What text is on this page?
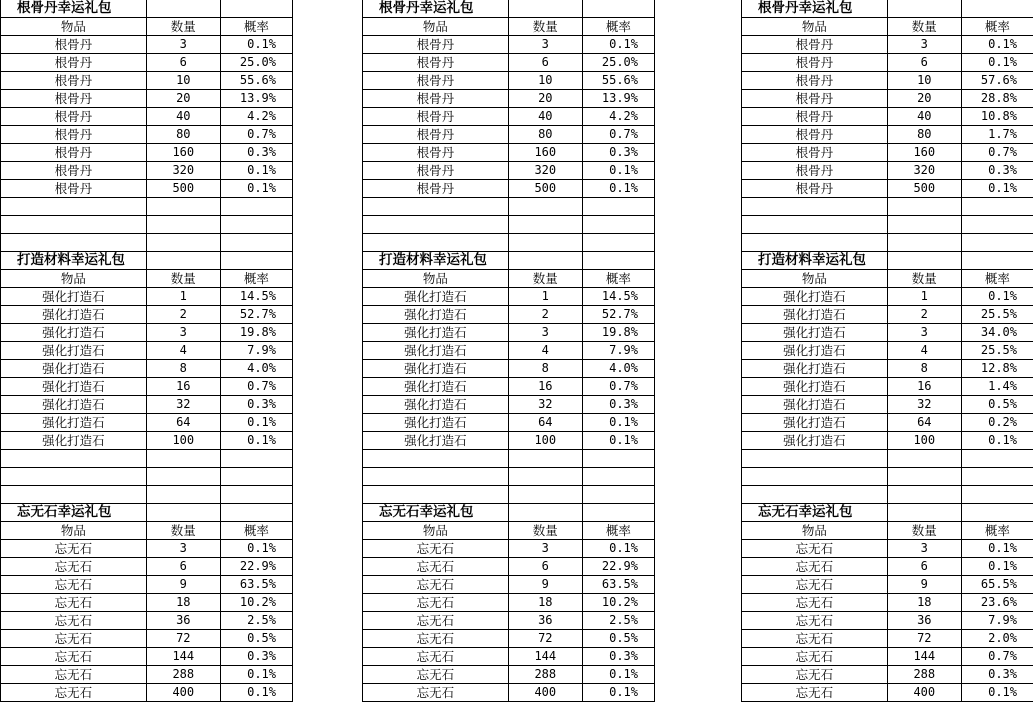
根骨丹幸运礼包		
物品	数量	概率
根骨丹	3	0.1%
根骨丹	6	25.0%
根骨丹	10	55.6%
根骨丹	20	13.9%
根骨丹	40	4.2%
根骨丹	80	0.7%
根骨丹	160	0.3%
根骨丹	320	0.1%
根骨丹	500	0.1%

打造材料幸运礼包		
物品	数量	概率
强化打造石	1	14.5%
强化打造石	2	52.7%
强化打造石	3	19.8%
强化打造石	4	7.9%
强化打造石	8	4.0%
强化打造石	16	0.7%
强化打造石	32	0.3%
强化打造石	64	0.1%
强化打造石	100	0.1%

忘无石幸运礼包		
物品	数量	概率
忘无石	3	0.1%
忘无石	6	22.9%
忘无石	9	63.5%
忘无石	18	10.2%
忘无石	36	2.5%
忘无石	72	0.5%
忘无石	144	0.3%
忘无石	288	0.1%
忘无石	400	0.1%
根骨丹幸运礼包		
物品	数量	概率
根骨丹	3	0.1%
根骨丹	6	25.0%
根骨丹	10	55.6%
根骨丹	20	13.9%
根骨丹	40	4.2%
根骨丹	80	0.7%
根骨丹	160	0.3%
根骨丹	320	0.1%
根骨丹	500	0.1%

打造材料幸运礼包		
物品	数量	概率
强化打造石	1	14.5%
强化打造石	2	52.7%
强化打造石	3	19.8%
强化打造石	4	7.9%
强化打造石	8	4.0%
强化打造石	16	0.7%
强化打造石	32	0.3%
强化打造石	64	0.1%
强化打造石	100	0.1%

忘无石幸运礼包		
物品	数量	概率
忘无石	3	0.1%
忘无石	6	22.9%
忘无石	9	63.5%
忘无石	18	10.2%
忘无石	36	2.5%
忘无石	72	0.5%
忘无石	144	0.3%
忘无石	288	0.1%
忘无石	400	0.1%
根骨丹幸运礼包		
物品	数量	概率
根骨丹	3	0.1%
根骨丹	6	0.1%
根骨丹	10	57.6%
根骨丹	20	28.8%
根骨丹	40	10.8%
根骨丹	80	1.7%
根骨丹	160	0.7%
根骨丹	320	0.3%
根骨丹	500	0.1%

打造材料幸运礼包		
物品	数量	概率
强化打造石	1	0.1%
强化打造石	2	25.5%
强化打造石	3	34.0%
强化打造石	4	25.5%
强化打造石	8	12.8%
强化打造石	16	1.4%
强化打造石	32	0.5%
强化打造石	64	0.2%
强化打造石	100	0.1%

忘无石幸运礼包		
物品	数量	概率
忘无石	3	0.1%
忘无石	6	0.1%
忘无石	9	65.5%
忘无石	18	23.6%
忘无石	36	7.9%
忘无石	72	2.0%
忘无石	144	0.7%
忘无石	288	0.3%
忘无石	400	0.1%
